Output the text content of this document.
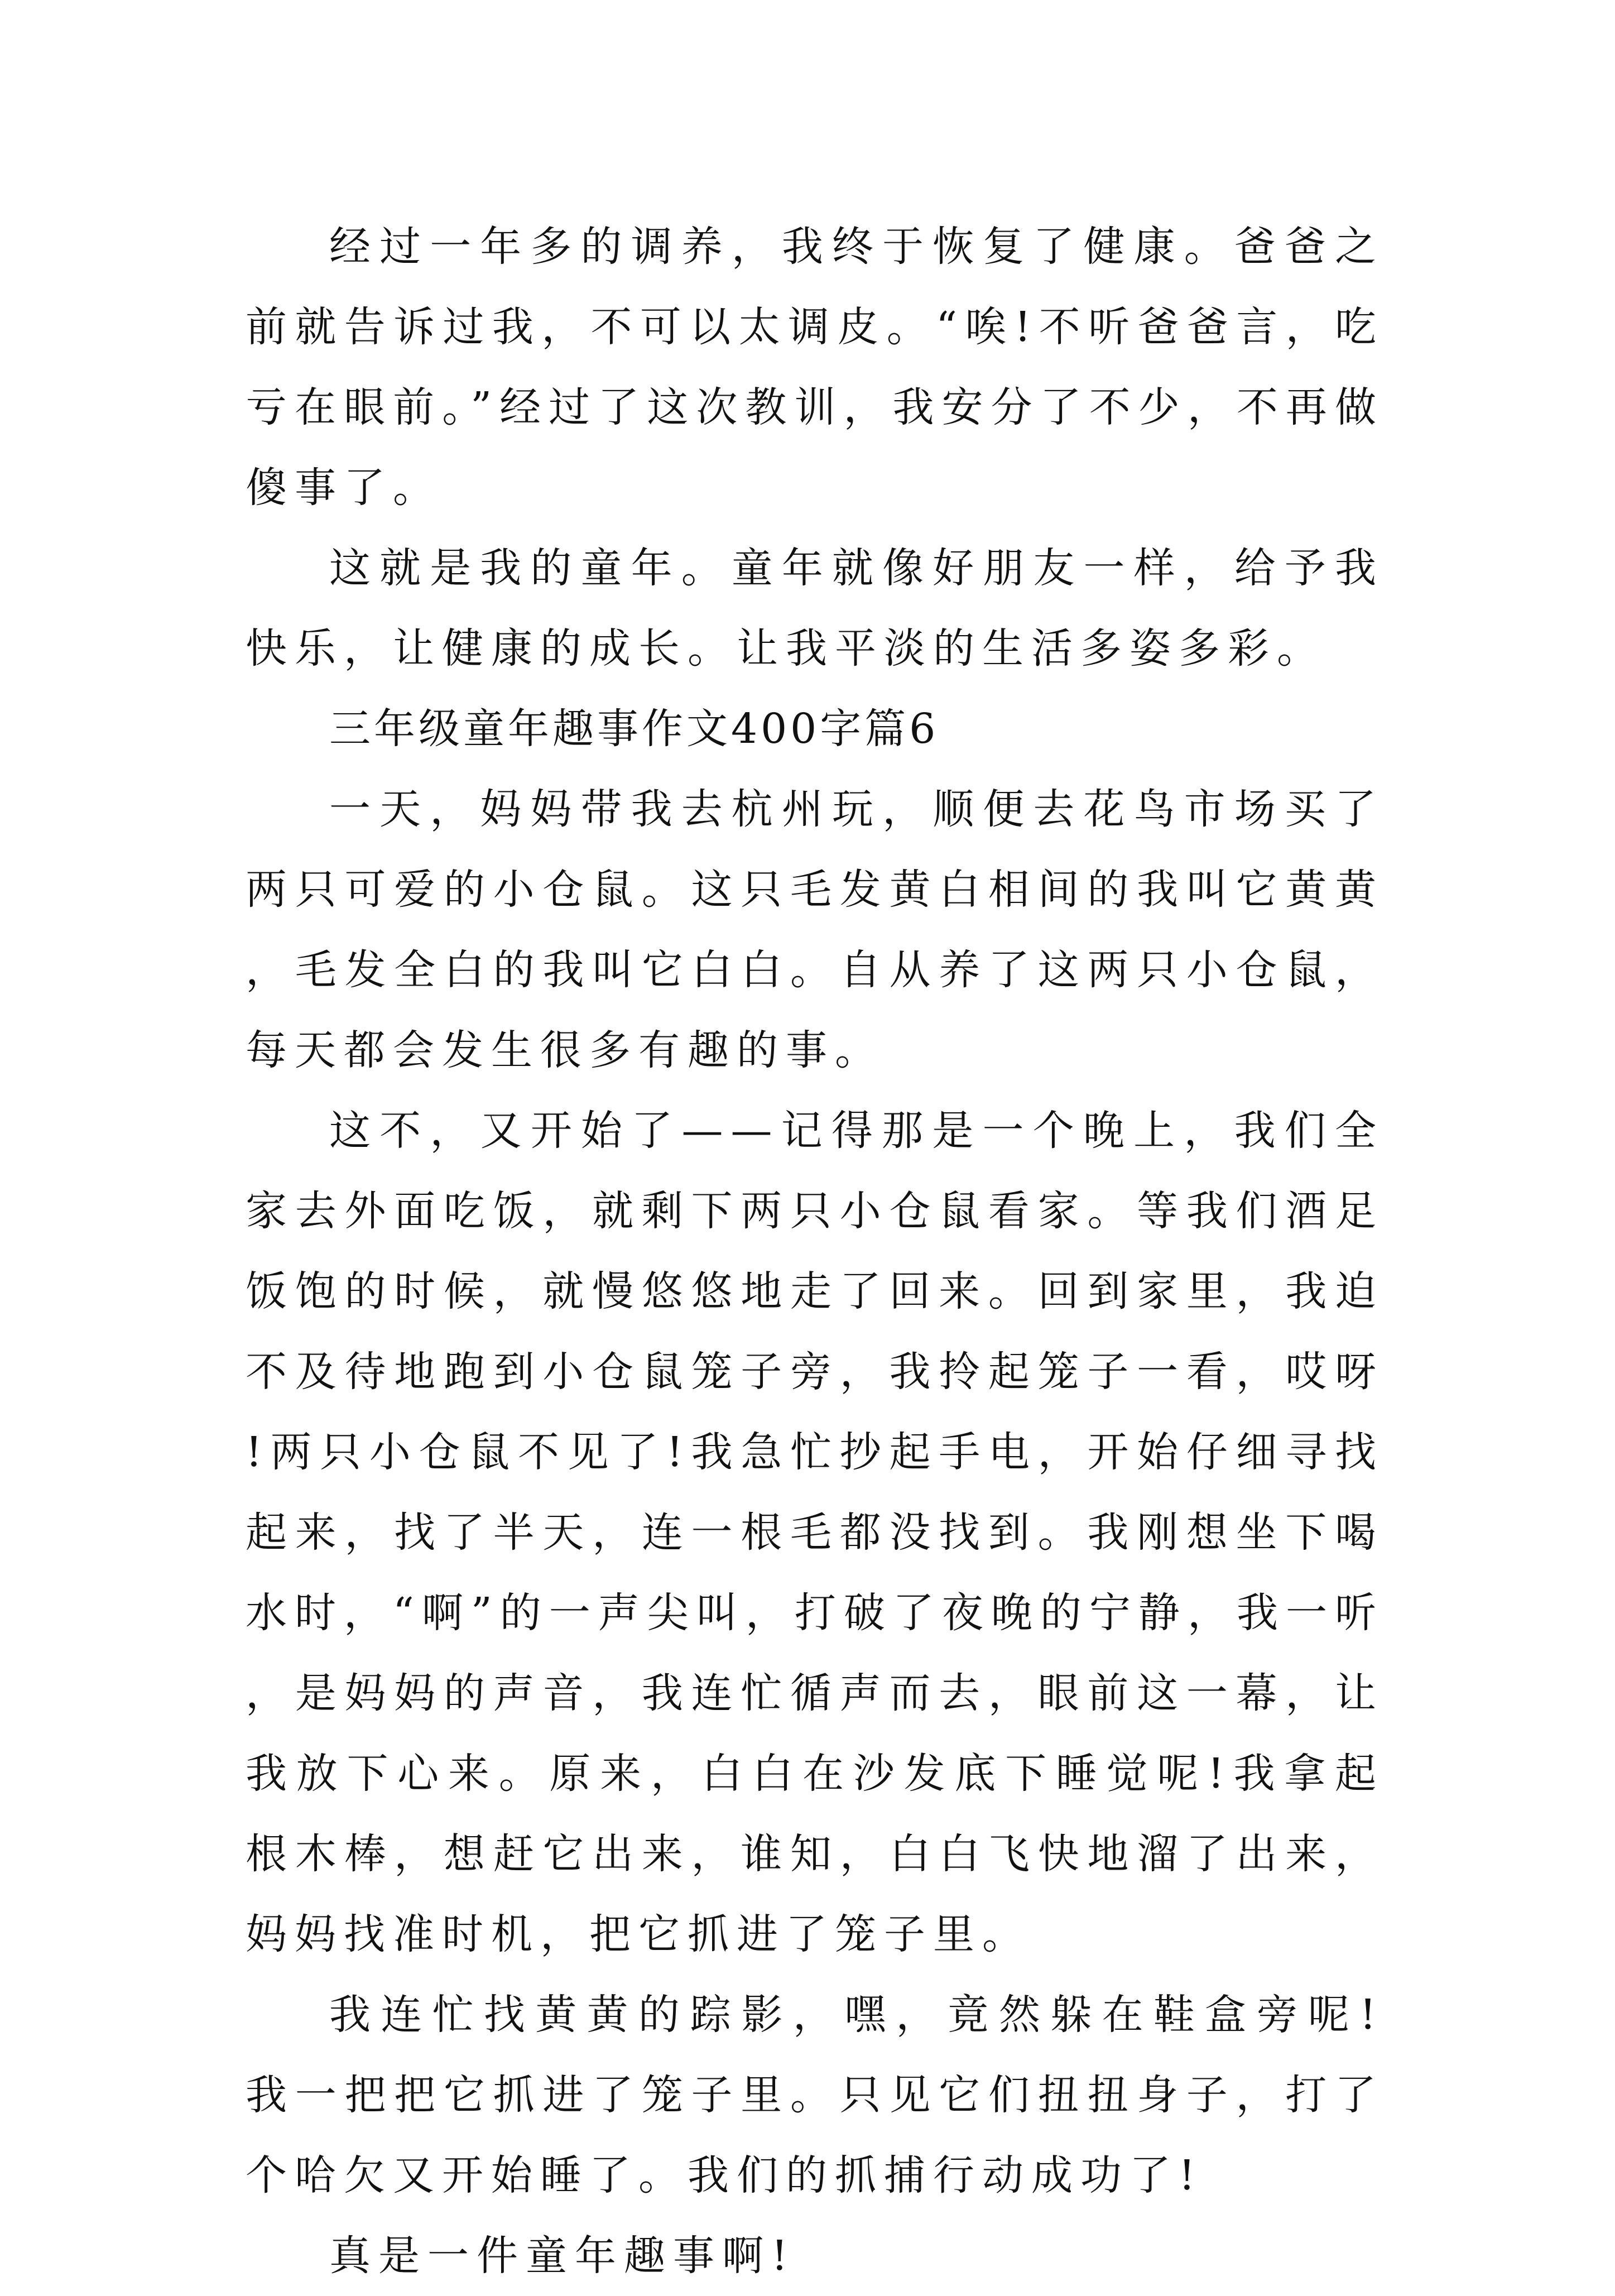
经过一年多的调养，我终于恢复了健康。爸爸之前就告诉过我，不可以太调皮。“唉!不听爸爸言，吃亏在眼前。”经过了这次教训，我安分了不少，不再做傻事了。

这就是我的童年。童年就像好朋友一样，给予我快乐，让健康的成长。让我平淡的生活多姿多彩。

三年级童年趣事作文400字篇6

一天，妈妈带我去杭州玩，顺便去花鸟市场买了两只可爱的小仓鼠。这只毛发黄白相间的我叫它黄黄，毛发全白的我叫它白白。自从养了这两只小仓鼠，每天都会发生很多有趣的事。

这不，又开始了——记得那是一个晚上，我们全家去外面吃饭，就剩下两只小仓鼠看家。等我们酒足饭饱的时候，就慢悠悠地走了回来。回到家里，我迫不及待地跑到小仓鼠笼子旁，我拎起笼子一看，哎呀!两只小仓鼠不见了!我急忙抄起手电，开始仔细寻找起来，找了半天，连一根毛都没找到。我刚想坐下喝水时，“啊”的一声尖叫，打破了夜晚的宁静，我一听，是妈妈的声音，我连忙循声而去，眼前这一幕，让我放下心来。原来，白白在沙发底下睡觉呢!我拿起根木棒，想赶它出来，谁知，白白飞快地溜了出来，妈妈找准时机，把它抓进了笼子里。

我连忙找黄黄的踪影，嘿，竟然躲在鞋盒旁呢!我一把把它抓进了笼子里。只见它们扭扭身子，打了个哈欠又开始睡了。我们的抓捕行动成功了!

真是一件童年趣事啊!
